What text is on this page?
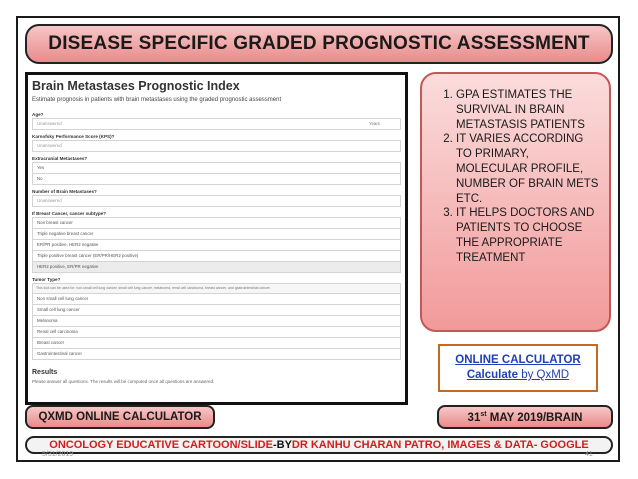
DISEASE SPECIFIC GRADED PROGNOSTIC ASSESSMENT
Brain Metastases Prognostic Index
Estimate prognosis in patients with brain metastases using the graded prognostic assessment
Age?
Unanswered	Years
Karnofsky Performance Score (KPS)?
Unanswered
Extracranial Metastases?
Yes
No
Number of Brain Metastases?
Unanswered
If Breast Cancer, cancer subtype?
Non breast cancer
Triple negative breast cancer
ER/PR positive, HER2 negative
Triple positive breast cancer (ER/PR/HER2 positive)
HER2 positive, ER/PR negative
Tumor Type?
This tool can be used for: non-small cell lung cancer, small cell lung cancer, melanoma, renal cell carcinoma, breast cancer, and gastrointestinal cancer.
Non small cell lung cancer
Small cell lung cancer
Melanoma
Renal cell carcinoma
Breast cancer
Gastrointestinal cancer
Results
Please answer all questions. The results will be computed once all questions are answered.
1. GPA ESTIMATES THE SURVIVAL IN BRAIN METASTASIS PATIENTS
2. IT VARIES ACCORDING TO PRIMARY, MOLECULAR PROFILE, NUMBER OF BRAIN METS ETC.
3. IT HELPS DOCTORS AND PATIENTS TO CHOOSE THE APPROPRIATE TREATMENT
ONLINE CALCULATOR
Calculate by QxMD
QXMD ONLINE CALCULATOR	31st MAY 2019/BRAIN
ONCOLOGY EDUCATIVE CARTOON/SLIDE -BY DR KANHU CHARAN PATRO, IMAGES & DATA- GOOGLE
5/31/2019	41
